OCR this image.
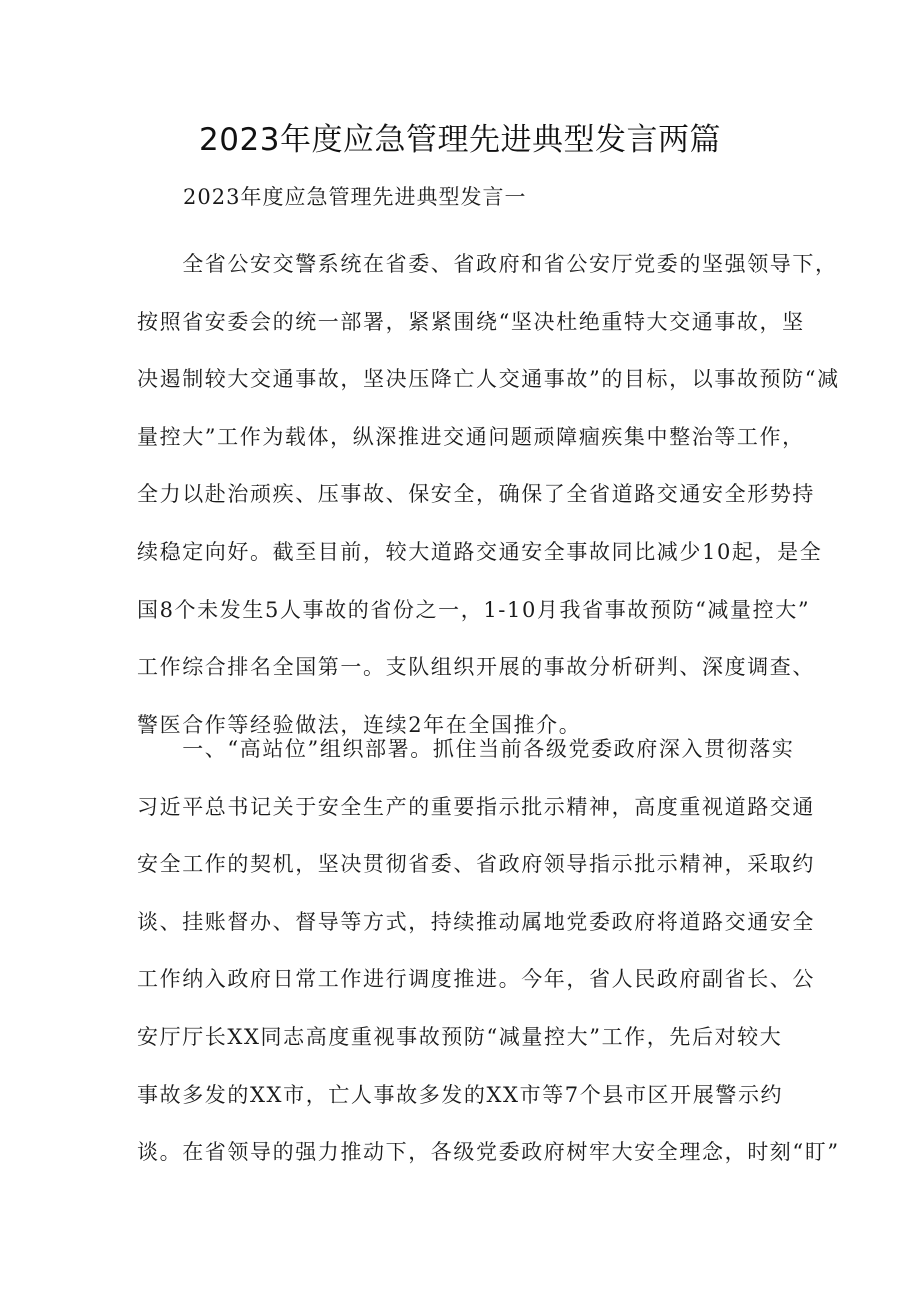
2023年度应急管理先进典型发言两篇

2023年度应急管理先进典型发言一

　　全省公安交警系统在省委、省政府和省公安厅党委的坚强领导下，
按照省安委会的统一部署，紧紧围绕“坚决杜绝重特大交通事故，坚
决遏制较大交通事故，坚决压降亡人交通事故”的目标，以事故预防“减
量控大”工作为载体，纵深推进交通问题顽障痼疾集中整治等工作，
全力以赴治顽疾、压事故、保安全，确保了全省道路交通安全形势持
续稳定向好。截至目前，较大道路交通安全事故同比减少10起，是全
国8个未发生5人事故的省份之一，1-10月我省事故预防“减量控大”
工作综合排名全国第一。支队组织开展的事故分析研判、深度调查、
警医合作等经验做法，连续2年在全国推介。

　　一、“高站位”组织部署。抓住当前各级党委政府深入贯彻落实
习近平总书记关于安全生产的重要指示批示精神，高度重视道路交通
安全工作的契机，坚决贯彻省委、省政府领导指示批示精神，采取约
谈、挂账督办、督导等方式，持续推动属地党委政府将道路交通安全
工作纳入政府日常工作进行调度推进。今年，省人民政府副省长、公
安厅厅长XX同志高度重视事故预防“减量控大”工作，先后对较大
事故多发的XX市，亡人事故多发的XX市等7个县市区开展警示约
谈。在省领导的强力推动下，各级党委政府树牢大安全理念，时刻“盯”
